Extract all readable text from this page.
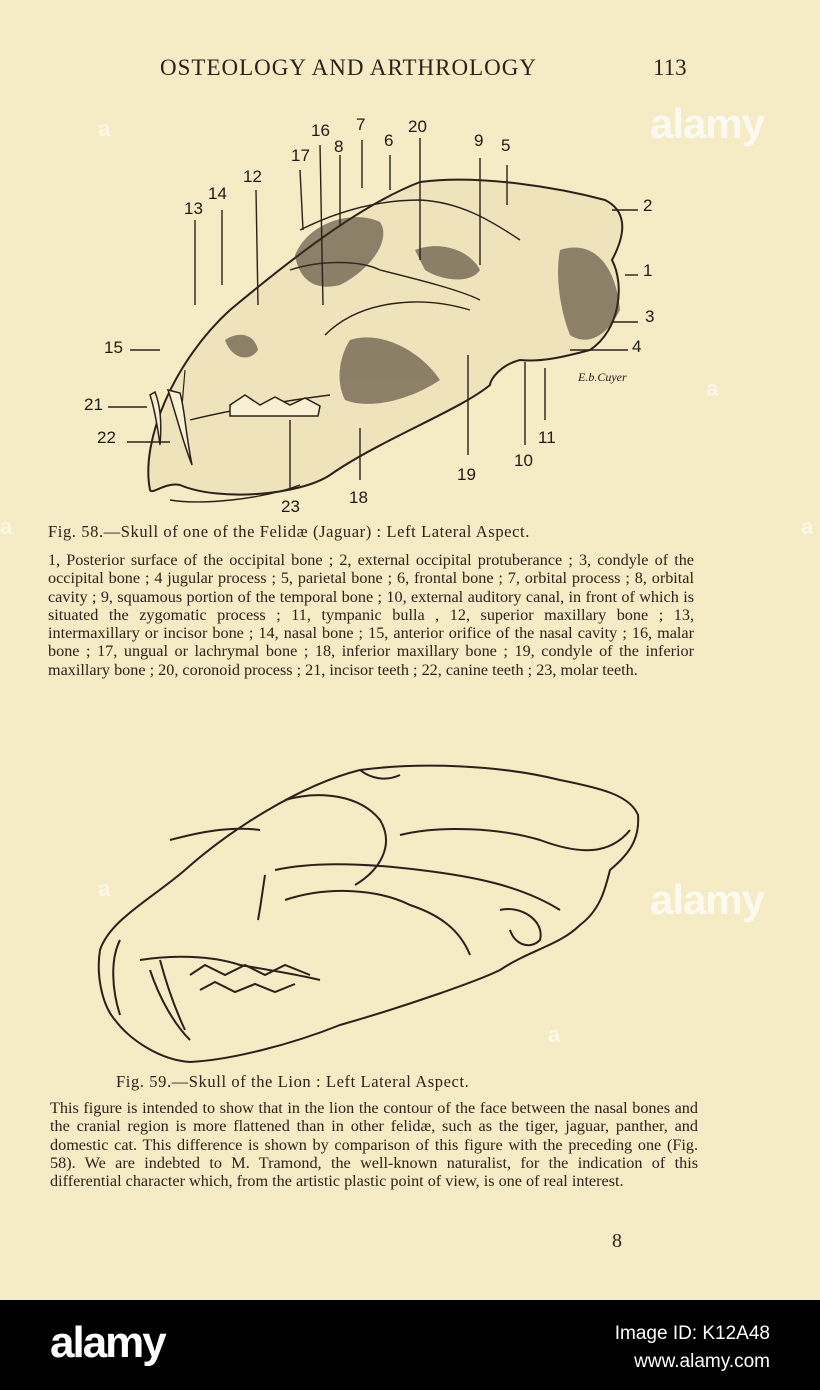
OSTEOLOGY AND ARTHROLOGY	113
alamy
alamy
a
a
a
a	a
a
16 7	20
6
8	9 5
17
12
14
13	2
1
3
4
15
21
22	11
10
19
18
23
E.b.Cuyer
Fig. 58.—Skull of one of the Felidæ (Jaguar) : Left Lateral Aspect.
1, Posterior surface of the occipital bone ; 2, external occipital protuberance ; 3, condyle of the occipital bone ; 4 jugular process ; 5, parietal bone ; 6, frontal bone ; 7, orbital process ; 8, orbital cavity ; 9, squamous portion of the temporal bone ; 10, external auditory canal, in front of which is situated the zygomatic process ; 11, tympanic bulla , 12, superior maxillary bone ; 13, intermaxillary or incisor bone ; 14, nasal bone ; 15, anterior orifice of the nasal cavity ; 16, malar bone ; 17, ungual or lachrymal bone ; 18, inferior maxillary bone ; 19, condyle of the inferior maxillary bone ; 20, coronoid process ; 21, incisor teeth ; 22, canine teeth ; 23, molar teeth.
Fig. 59.—Skull of the Lion : Left Lateral Aspect.
This figure is intended to show that in the lion the contour of the face between the nasal bones and the cranial region is more flattened than in other felidæ, such as the tiger, jaguar, panther, and domestic cat. This difference is shown by comparison of this figure with the preceding one (Fig. 58). We are indebted to M. Tramond, the well-known naturalist, for the indication of this differential character which, from the artistic plastic point of view, is one of real interest.
8
alamy	Image ID: K12A48
www.alamy.com
